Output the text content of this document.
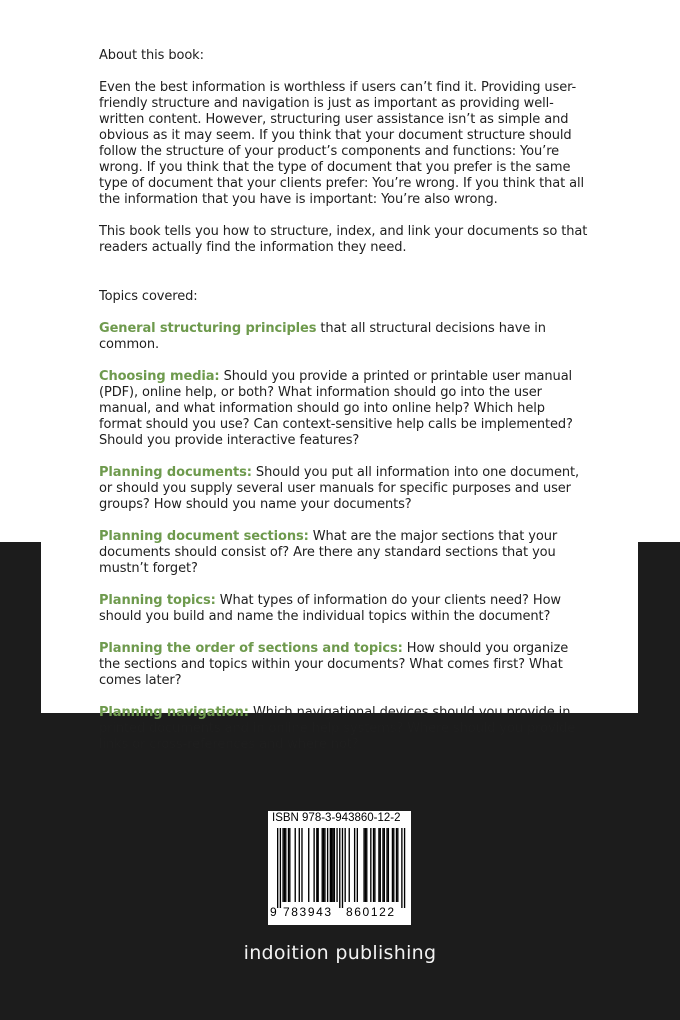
About this book:

Even the best information is worthless if users can’t find it. Providing user-friendly structure and navigation is just as important as providing well-written content. However, structuring user assistance isn’t as simple and obvious as it may seem. If you think that your document structure should follow the structure of your product’s components and functions: You’re wrong. If you think that the type of document that you prefer is the same type of document that your clients prefer: You’re wrong. If you think that all the information that you have is important: You’re also wrong.

This book tells you how to structure, index, and link your documents so that readers actually find the information they need.

Topics covered:

General structuring principles that all structural decisions have in common.

Choosing media: Should you provide a printed or printable user manual (PDF), online help, or both? What information should go into the user manual, and what information should go into online help? Which help format should you use? Can context-sensitive help calls be implemented? Should you provide interactive features?

Planning documents: Should you put all information into one document, or should you supply several user manuals for specific purposes and user groups? How should you name your documents?

Planning document sections: What are the major sections that your documents should consist of? Are there any standard sections that you mustn’t forget?

Planning topics: What types of information do your clients need? How should you build and name the individual topics within the document?

Planning the order of sections and topics: How should you organize the sections and topics within your documents? What comes first? What comes later?

Planning navigation: Which navigational devices should you provide in printed documents and in online help systems? Where should you provide links or cross-references and where not?

ISBN 978-3-943860-12-2
9 783943 860122
indoition publishing
